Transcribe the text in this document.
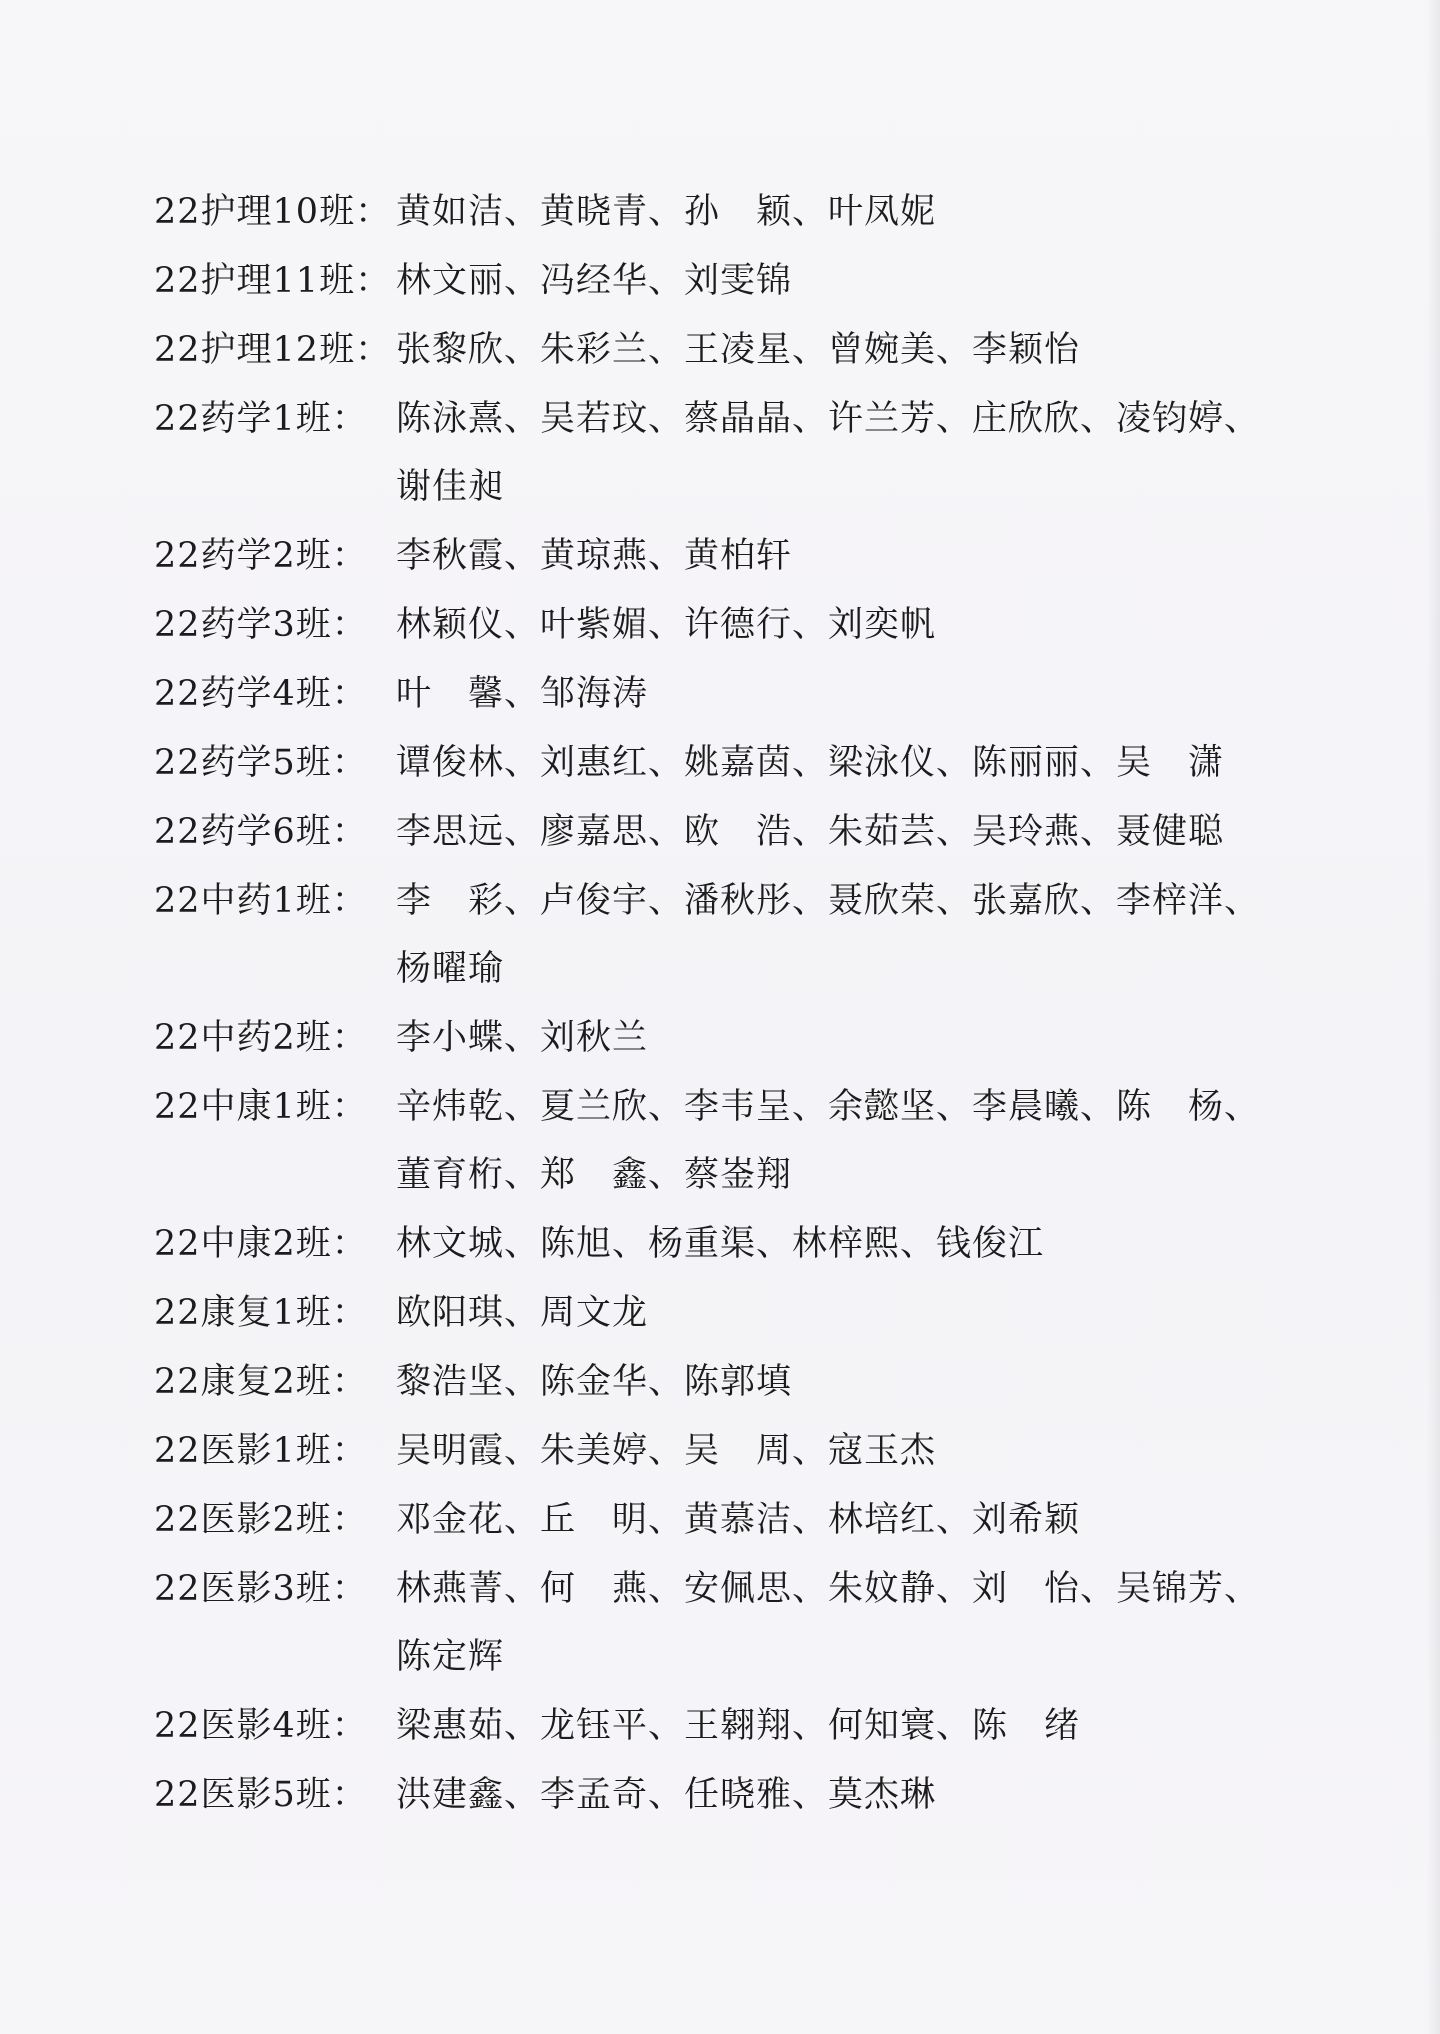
22护理10班： 黄如洁、黄晓青、孙　颖、叶凤妮
22护理11班： 林文丽、冯经华、刘雯锦
22护理12班： 张黎欣、朱彩兰、王凌星、曾婉美、李颖怡
22药学1班： 陈泳熹、吴若玟、蔡晶晶、许兰芳、庄欣欣、凌钧婷、
谢佳昶
22药学2班： 李秋霞、黄琼燕、黄柏轩
22药学3班： 林颖仪、叶紫媚、许德行、刘奕帆
22药学4班： 叶　馨、邹海涛
22药学5班： 谭俊林、刘惠红、姚嘉茵、梁泳仪、陈丽丽、吴　潇
22药学6班： 李思远、廖嘉思、欧　浩、朱茹芸、吴玲燕、聂健聪
22中药1班： 李　彩、卢俊宇、潘秋彤、聂欣荣、张嘉欣、李梓洋、
杨曜瑜
22中药2班： 李小蝶、刘秋兰
22中康1班： 辛炜乾、夏兰欣、李韦呈、余懿坚、李晨曦、陈　杨、
董育桁、郑　鑫、蔡崟翔
22中康2班： 林文城、陈旭、杨重渠、林梓熙、钱俊江
22康复1班： 欧阳琪、周文龙
22康复2班： 黎浩坚、陈金华、陈郭填
22医影1班： 吴明霞、朱美婷、吴　周、寇玉杰
22医影2班： 邓金花、丘　明、黄慕洁、林培红、刘希颖
22医影3班： 林燕菁、何　燕、安佩思、朱妏静、刘　怡、吴锦芳、
陈定辉
22医影4班： 梁惠茹、龙钰平、王翱翔、何知寰、陈　绪
22医影5班： 洪建鑫、李孟奇、任晓雅、莫杰琳
